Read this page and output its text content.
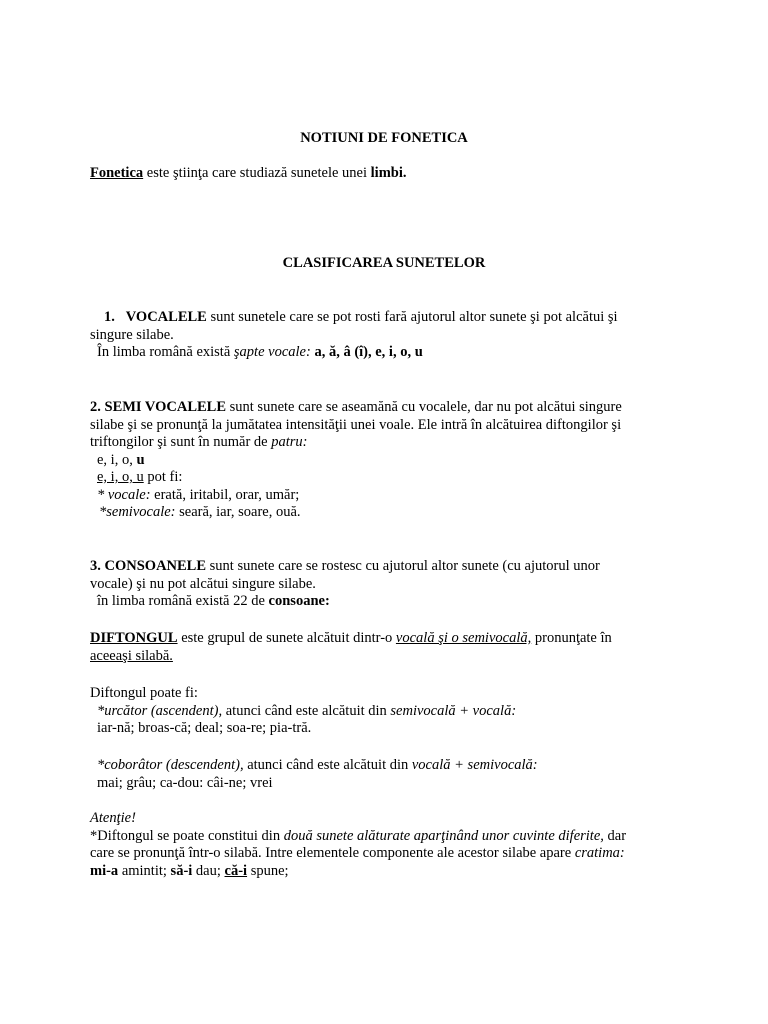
NOTIUNI DE FONETICA
Fonetica este ştiinţa care studiază sunetele unei limbi.
CLASIFICAREA SUNETELOR
1. VOCALELE sunt sunetele care se pot rosti fară ajutorul altor sunete şi pot alcătui şi
singure silabe.
În limba română există şapte vocale: a, ă, â (î), e, i, o, u
2. SEMI VOCALELE sunt sunete care se aseamănă cu vocalele, dar nu pot alcătui singure
silabe şi se pronunţă la jumătatea intensităţii unei voale. Ele intră în alcătuirea diftongilor şi
triftongilor şi sunt în număr de patru:
e, i, o, u
e, i, o, u pot fi:
* vocale: erată, iritabil, orar, umăr;
*semivocale: seară, iar, soare, ouă.
3. CONSOANELE sunt sunete care se rostesc cu ajutorul altor sunete (cu ajutorul unor
vocale) şi nu pot alcătui singure silabe.
în limba română există 22 de consoane:
DIFTONGUL este grupul de sunete alcătuit dintr-o vocală şi o semivocală, pronunţate în
aceeaşi silabă.
Diftongul poate fi:
*urcător (ascendent), atunci când este alcătuit din semivocală + vocală:
iar-nă; broas-că; deal; soa-re; pia-tră.
*coborâtor (descendent), atunci când este alcătuit din vocală + semivocală:
mai; grâu; ca-dou: câi-ne; vrei
Atenţie!
*Diftongul se poate constitui din două sunete alăturate aparţinând unor cuvinte diferite, dar
care se pronunţă într-o silabă. Intre elementele componente ale acestor silabe apare cratima:
mi-a amintit; să-i dau; că-i spune;
